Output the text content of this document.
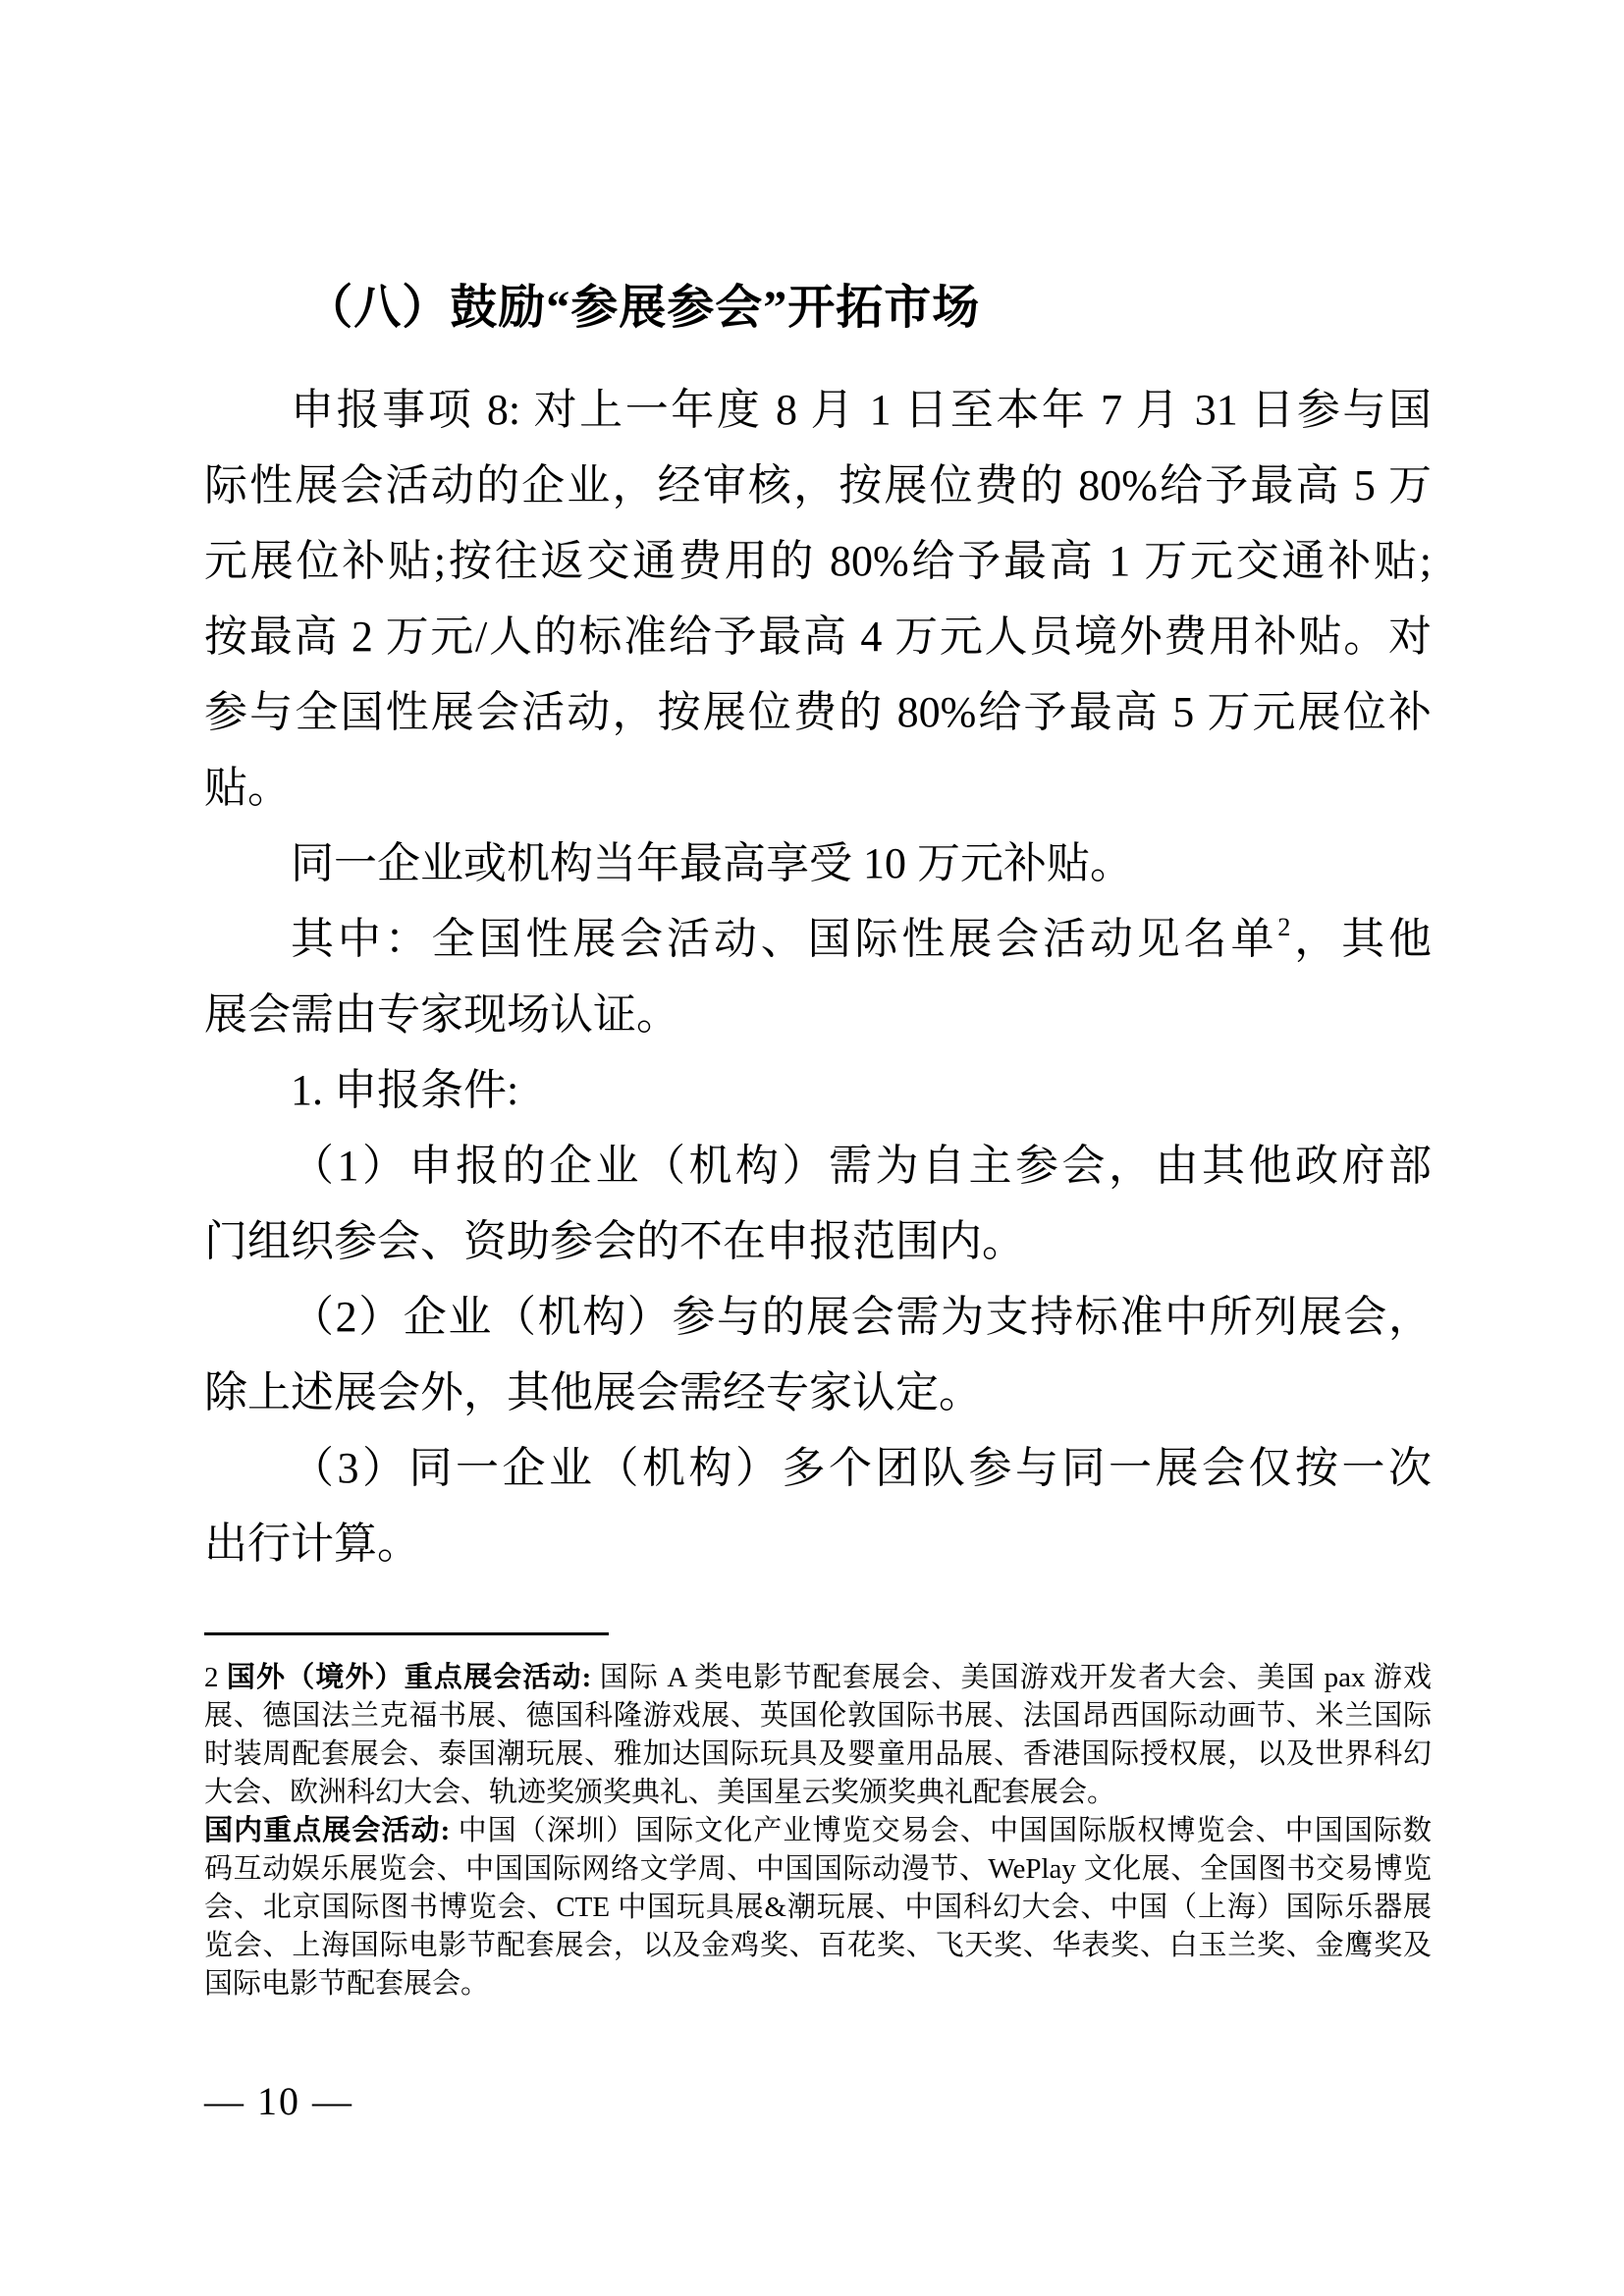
（八）鼓励“参展参会”开拓市场
申报事项 8: 对上一年度 8 月 1 日至本年 7 月 31 日参与国
际性展会活动的企业，经审核，按展位费的 80%给予最高 5 万
元展位补贴;按往返交通费用的 80%给予最高 1 万元交通补贴;
按最高 2 万元/人的标准给予最高 4 万元人员境外费用补贴。对
参与全国性展会活动，按展位费的 80%给予最高 5 万元展位补
贴。
同一企业或机构当年最高享受 10 万元补贴。
其中：全国性展会活动、国际性展会活动见名单$^2$，其他
展会需由专家现场认证。
1. 申报条件:
（1）申报的企业（机构）需为自主参会，由其他政府部
门组织参会、资助参会的不在申报范围内。
（2）企业（机构）参与的展会需为支持标准中所列展会，
除上述展会外，其他展会需经专家认定。
（3）同一企业（机构）多个团队参与同一展会仅按一次
出行计算。
2 国外（境外）重点展会活动: 国际 A 类电影节配套展会、美国游戏开发者大会、美国 pax 游戏
展、德国法兰克福书展、德国科隆游戏展、英国伦敦国际书展、法国昂西国际动画节、米兰国际
时装周配套展会、泰国潮玩展、雅加达国际玩具及婴童用品展、香港国际授权展，以及世界科幻
大会、欧洲科幻大会、轨迹奖颁奖典礼、美国星云奖颁奖典礼配套展会。
国内重点展会活动: 中国（深圳）国际文化产业博览交易会、中国国际版权博览会、中国国际数
码互动娱乐展览会、中国国际网络文学周、中国国际动漫节、WePlay 文化展、全国图书交易博览
会、北京国际图书博览会、CTE 中国玩具展&潮玩展、中国科幻大会、中国（上海）国际乐器展
览会、上海国际电影节配套展会，以及金鸡奖、百花奖、飞天奖、华表奖、白玉兰奖、金鹰奖及
国际电影节配套展会。
— 10 —
